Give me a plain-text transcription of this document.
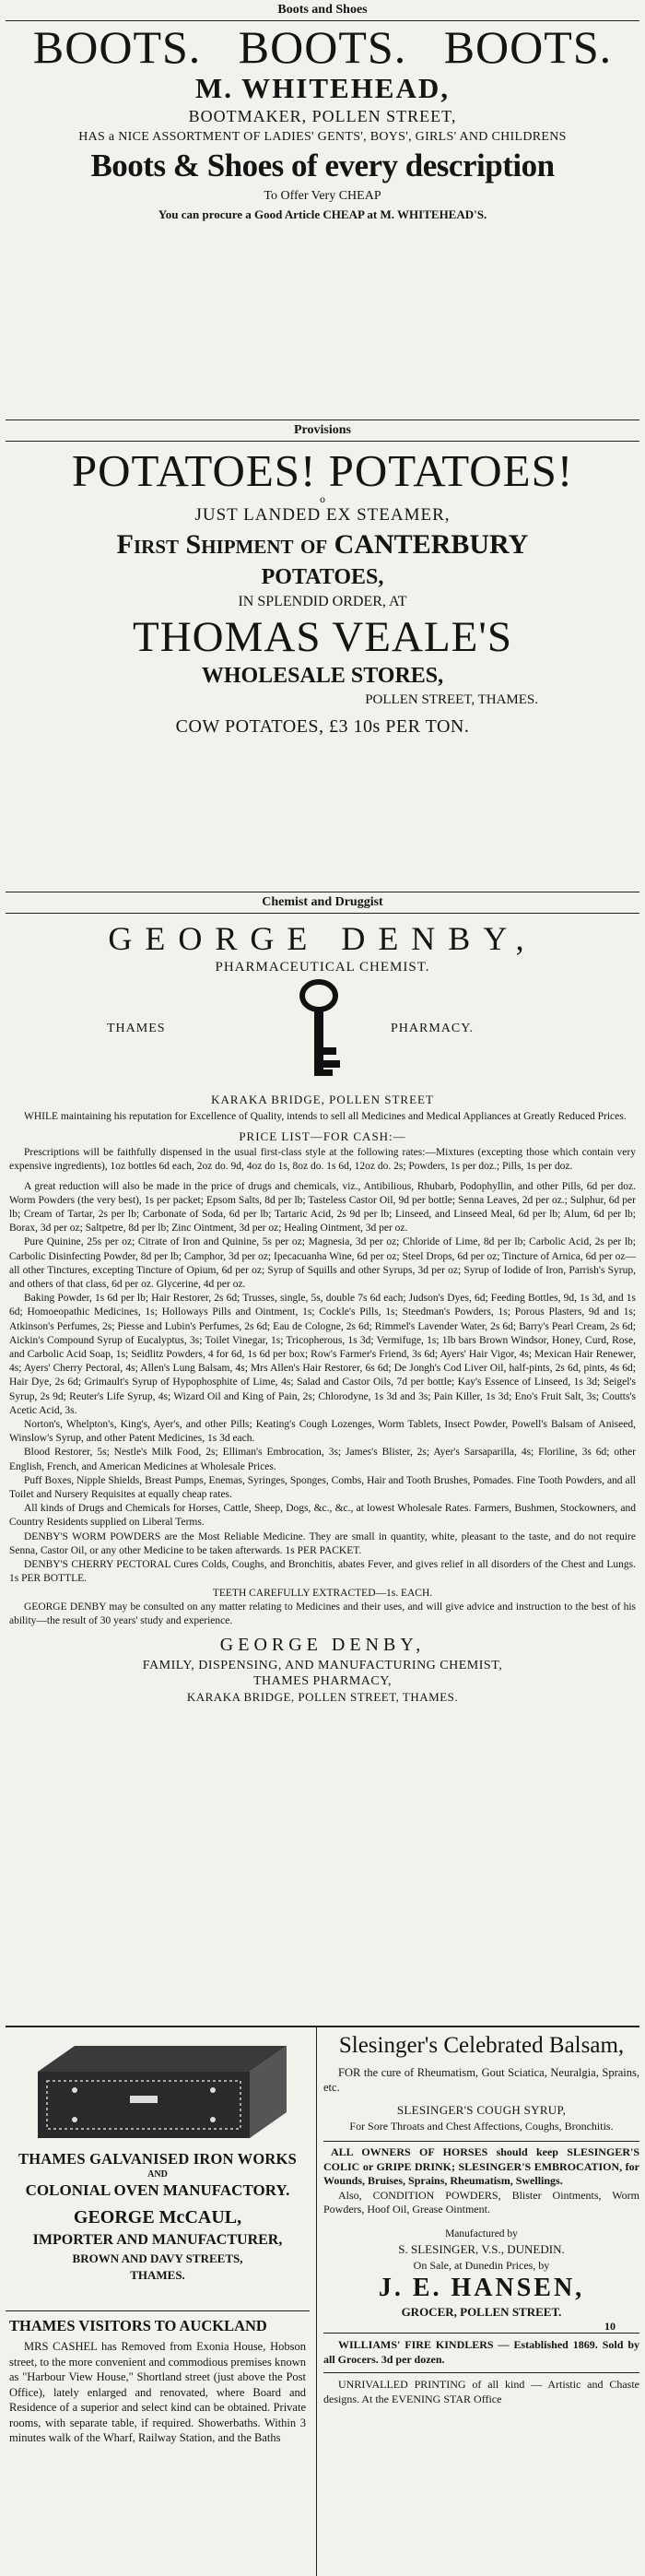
Boots and Shoes
BOOTS.   BOOTS.   BOOTS.
M. WHITEHEAD,
BOOTMAKER, POLLEN STREET,
HAS a NICE ASSORTMENT OF LADIES' GENTS', BOYS', GIRLS' AND CHILDRENS
Boots & Shoes of every description
To Offer Very CHEAP
You can procure a Good Article CHEAP at M. WHITEHEAD'S.
Provisions
POTATOES! POTATOES!
o
JUST LANDED EX STEAMER,
First Shipment of CANTERBURY
POTATOES,
IN SPLENDID ORDER, AT
THOMAS VEALE'S
WHOLESALE STORES,
POLLEN STREET, THAMES.
COW POTATOES, £3 10s PER TON.
Chemist and Druggist
GEORGE DENBY,
PHARMACEUTICAL CHEMIST.
THAMES	PHARMACY.
KARAKA BRIDGE, POLLEN STREET

WHILE maintaining his reputation for Excellence of Quality, intends to sell all Medicines and Medical Appliances at Greatly Reduced Prices.

PRICE LIST—FOR CASH:—

Prescriptions will be faithfully dispensed in the usual first-class style at the following rates:—Mixtures (excepting those which contain very expensive ingredients), 1oz bottles 6d each, 2oz do. 9d, 4oz do 1s, 8oz do. 1s 6d, 12oz do. 2s; Powders, 1s per doz.; Pills, 1s per doz.

A great reduction will also be made in the price of drugs and chemicals, viz., Antibilious, Rhubarb, Podophyllin, and other Pills, 6d per doz. Worm Powders (the very best), 1s per packet; Epsom Salts, 8d per lb; Tasteless Castor Oil, 9d per bottle; Senna Leaves, 2d per oz.; Sulphur, 6d per lb; Cream of Tartar, 2s per lb; Carbonate of Soda, 6d per lb; Tartaric Acid, 2s 9d per lb; Linseed, and Linseed Meal, 6d per lb; Alum, 6d per lb; Borax, 3d per oz; Saltpetre, 8d per lb; Zinc Ointment, 3d per oz; Healing Ointment, 3d per oz.

Pure Quinine, 25s per oz; Citrate of Iron and Quinine, 5s per oz; Magnesia, 3d per oz; Chloride of Lime, 8d per lb; Carbolic Acid, 2s per lb; Carbolic Disinfecting Powder, 8d per lb; Camphor, 3d per oz; Ipecacuanha Wine, 6d per oz; Steel Drops, 6d per oz; Tincture of Arnica, 6d per oz—all other Tinctures, excepting Tincture of Opium, 6d per oz; Syrup of Squills and other Syrups, 3d per oz; Syrup of Iodide of Iron, Parrish's Syrup, and others of that class, 6d per oz. Glycerine, 4d per oz.

Baking Powder, 1s 6d per lb; Hair Restorer, 2s 6d; Trusses, single, 5s, double 7s 6d each; Judson's Dyes, 6d; Feeding Bottles, 9d, 1s 3d, and 1s 6d; Homoeopathic Medicines, 1s; Holloways Pills and Ointment, 1s; Cockle's Pills, 1s; Steedman's Powders, 1s; Porous Plasters, 9d and 1s; Atkinson's Perfumes, 2s; Piesse and Lubin's Perfumes, 2s 6d; Eau de Cologne, 2s 6d; Rimmel's Lavender Water, 2s 6d; Barry's Pearl Cream, 2s 6d; Aickin's Compound Syrup of Eucalyptus, 3s; Toilet Vinegar, 1s; Tricopherous, 1s 3d; Vermifuge, 1s; 1lb bars Brown Windsor, Honey, Curd, Rose, and Carbolic Acid Soap, 1s; Seidlitz Powders, 4 for 6d, 1s 6d per box; Row's Farmer's Friend, 3s 6d; Ayers' Hair Vigor, 4s; Mexican Hair Renewer, 4s; Ayers' Cherry Pectoral, 4s; Allen's Lung Balsam, 4s; Mrs Allen's Hair Restorer, 6s 6d; De Jongh's Cod Liver Oil, half-pints, 2s 6d, pints, 4s 6d; Hair Dye, 2s 6d; Grimault's Syrup of Hypophosphite of Lime, 4s; Salad and Castor Oils, 7d per bottle; Kay's Essence of Linseed, 1s 3d; Seigel's Syrup, 2s 9d; Reuter's Life Syrup, 4s; Wizard Oil and King of Pain, 2s; Chlorodyne, 1s 3d and 3s; Pain Killer, 1s 3d; Eno's Fruit Salt, 3s; Coutts's Acetic Acid, 3s.

Norton's, Whelpton's, King's, Ayer's, and other Pills; Keating's Cough Lozenges, Worm Tablets, Insect Powder, Powell's Balsam of Aniseed, Winslow's Syrup, and other Patent Medicines, 1s 3d each.

Blood Restorer, 5s; Nestle's Milk Food, 2s; Elliman's Embrocation, 3s; James's Blister, 2s; Ayer's Sarsaparilla, 4s; Floriline, 3s 6d; other English, French, and American Medicines at Wholesale Prices.

Puff Boxes, Nipple Shields, Breast Pumps, Enemas, Syringes, Sponges, Combs, Hair and Tooth Brushes, Pomades. Fine Tooth Powders, and all Toilet and Nursery Requisites at equally cheap rates.

All kinds of Drugs and Chemicals for Horses, Cattle, Sheep, Dogs, &c., &c., at lowest Wholesale Rates. Farmers, Bushmen, Stockowners, and Country Residents supplied on Liberal Terms.

DENBY'S WORM POWDERS are the Most Reliable Medicine. They are small in quantity, white, pleasant to the taste, and do not require Senna, Castor Oil, or any other Medicine to be taken afterwards. 1s PER PACKET.

DENBY'S CHERRY PECTORAL Cures Colds, Coughs, and Bronchitis, abates Fever, and gives relief in all disorders of the Chest and Lungs. 1s PER BOTTLE.

TEETH CAREFULLY EXTRACTED—1s. EACH.

GEORGE DENBY may be consulted on any matter relating to Medicines and their uses, and will give advice and instruction to the best of his ability—the result of 30 years' study and experience.

GEORGE DENBY,
FAMILY, DISPENSING, AND MANUFACTURING CHEMIST,
THAMES PHARMACY,
KARAKA BRIDGE, POLLEN STREET, THAMES.
THAMES GALVANISED IRON WORKS
AND
COLONIAL OVEN MANUFACTORY.
GEORGE McCAUL,
IMPORTER AND MANUFACTURER,
BROWN AND DAVY STREETS,
THAMES.
THAMES VISITORS TO AUCKLAND

MRS CASHEL has Removed from Exonia House, Hobson street, to the more convenient and commodious premises known as "Harbour View House," Shortland street (just above the Post Office), lately enlarged and renovated, where Board and Residence of a superior and select kind can be obtained. Private rooms, with separate table, if required. Showerbaths. Within 3 minutes walk of the Wharf, Railway Station, and the Baths

Slesinger's Celebrated Balsam,

FOR the cure of Rheumatism, Gout Sciatica, Neuralgia, Sprains, etc.

SLESINGER'S COUGH SYRUP,
For Sore Throats and Chest Affections, Coughs, Bronchitis.

ALL OWNERS OF HORSES should keep SLESINGER'S COLIC or GRIPE DRINK; SLESINGER'S EMBROCATION, for Wounds, Bruises, Sprains, Rheumatism, Swellings.

Also, CONDITION POWDERS, Blister Ointments, Worm Powders, Hoof Oil, Grease Ointment.

Manufactured by
S. SLESINGER, V.S., DUNEDIN.
On Sale, at Dunedin Prices, by
J. E. HANSEN,
GROCER, POLLEN STREET.
10

WILLIAMS' FIRE KINDLERS — Established 1869. Sold by all Grocers. 3d per dozen.

UNRIVALLED PRINTING of all kind — Artistic and Chaste designs. At the EVENING STAR Office
